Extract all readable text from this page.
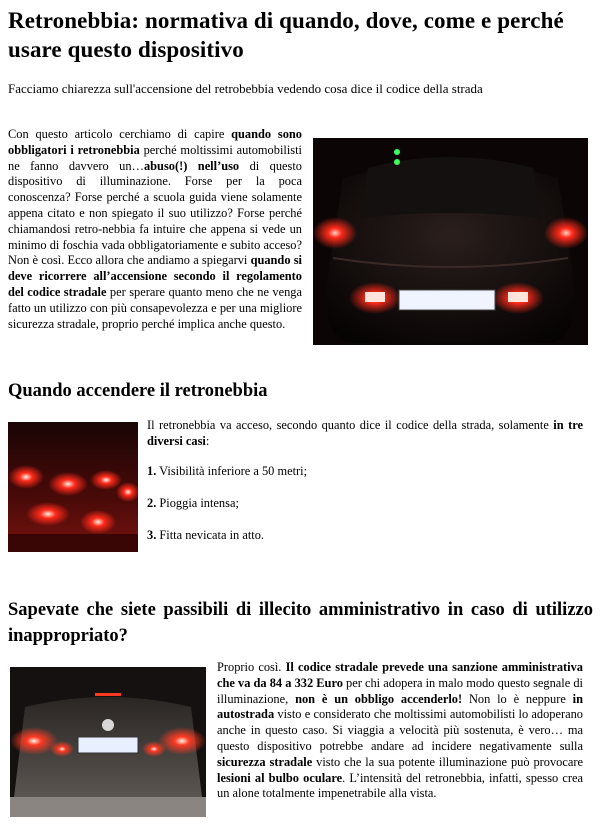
Retronebbia: normativa di quando, dove, come e perché usare questo dispositivo

Facciamo chiarezza sull'accensione del retrobebbia vedendo cosa dice il codice della strada

Con questo articolo cerchiamo di capire quando sono obbligatori i retronebbia perché moltissimi automobilisti ne fanno davvero un…abuso(!) nell’uso di questo dispositivo di illuminazione. Forse per la poca conoscenza? Forse perché a scuola guida viene solamente appena citato e non spiegato il suo utilizzo? Forse perché chiamandosi retro-nebbia fa intuire che appena si vede un minimo di foschia vada obbligatoriamente e subito acceso? Non è così. Ecco allora che andiamo a spiegarvi quando si deve ricorrere all’accensione secondo il regolamento del codice stradale per sperare quanto meno che ne venga fatto un utilizzo con più consapevolezza e per una migliore sicurezza stradale, proprio perché implica anche questo.

Quando accendere il retronebbia

Il retronebbia va acceso, secondo quanto dice il codice della strada, solamente in tre diversi casi:

1. Visibilità inferiore a 50 metri;

2. Pioggia intensa;

3. Fitta nevicata in atto.

Sapevate che siete passibili di illecito amministrativo in caso di utilizzo inappropriato?

Proprio così. Il codice stradale prevede una sanzione amministrativa che va da 84 a 332 Euro per chi adopera in malo modo questo segnale di illuminazione, non è un obbligo accenderlo! Non lo è neppure in autostrada visto e considerato che moltissimi automobilisti lo adoperano anche in questo caso. Si viaggia a velocità più sostenuta, è vero… ma questo dispositivo potrebbe andare ad incidere negativamente sulla sicurezza stradale visto che la sua potente illuminazione può provocare lesioni al bulbo oculare. L’intensità del retronebbia, infatti, spesso crea un alone totalmente impenetrabile alla vista.
